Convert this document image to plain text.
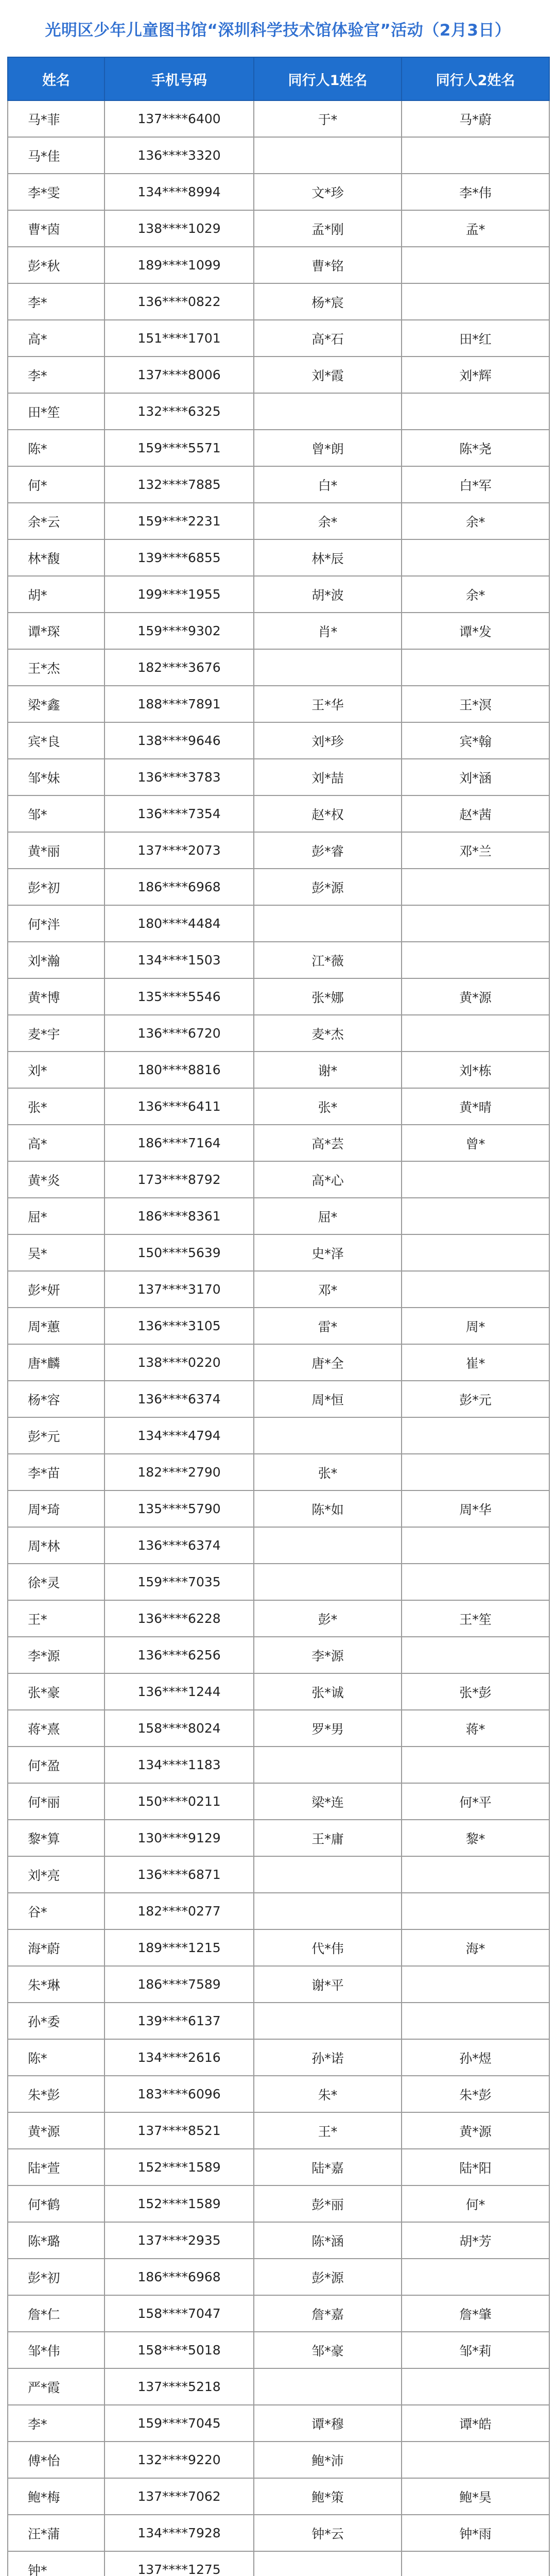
光明区少年儿童图书馆“深圳科学技术馆体验官”活动（2月3日）
姓名	手机号码	同行人1姓名	同行人2姓名
马*菲	137****6400	于*	马*蔚
马*佳	136****3320		
李*雯	134****8994	文*珍	李*伟
曹*茵	138****1029	孟*刚	孟*
彭*秋	189****1099	曹*铭	
李*	136****0822	杨*宸	
高*	151****1701	高*石	田*红
李*	137****8006	刘*霞	刘*辉
田*笙	132****6325		
陈*	159****5571	曾*朗	陈*尧
何*	132****7885	白*	白*军
余*云	159****2231	余*	余*
林*馥	139****6855	林*辰	
胡*	199****1955	胡*波	余*
谭*琛	159****9302	肖*	谭*发
王*杰	182****3676		
梁*鑫	188****7891	王*华	王*溟
宾*良	138****9646	刘*珍	宾*翰
邹*妹	136****3783	刘*喆	刘*涵
邹*	136****7354	赵*权	赵*茜
黄*丽	137****2073	彭*睿	邓*兰
彭*初	186****6968	彭*源	
何*泮	180****4484		
刘*瀚	134****1503	江*薇	
黄*博	135****5546	张*娜	黄*源
麦*宇	136****6720	麦*杰	
刘*	180****8816	谢*	刘*栋
张*	136****6411	张*	黄*晴
高*	186****7164	高*芸	曾*
黄*炎	173****8792	高*心	
屈*	186****8361	屈*	
吴*	150****5639	史*泽	
彭*妍	137****3170	邓*	
周*蕙	136****3105	雷*	周*
唐*麟	138****0220	唐*全	崔*
杨*容	136****6374	周*恒	彭*元
彭*元	134****4794		
李*苗	182****2790	张*	
周*琦	135****5790	陈*如	周*华
周*林	136****6374		
徐*灵	159****7035		
王*	136****6228	彭*	王*笙
李*源	136****6256	李*源	
张*豪	136****1244	张*诚	张*彭
蒋*熹	158****8024	罗*男	蒋*
何*盈	134****1183		
何*丽	150****0211	梁*连	何*平
黎*算	130****9129	王*庸	黎*
刘*亮	136****6871		
谷*	182****0277		
海*蔚	189****1215	代*伟	海*
朱*琳	186****7589	谢*平	
孙*委	139****6137		
陈*	134****2616	孙*诺	孙*煜
朱*彭	183****6096	朱*	朱*彭
黄*源	137****8521	王*	黄*源
陆*萱	152****1589	陆*嘉	陆*阳
何*鹤	152****1589	彭*丽	何*
陈*璐	137****2935	陈*涵	胡*芳
彭*初	186****6968	彭*源	
詹*仁	158****7047	詹*嘉	詹*肇
邹*伟	158****5018	邹*豪	邹*莉
严*霞	137****5218		
李*	159****7045	谭*穆	谭*皓
傅*怡	132****9220	鲍*沛	
鲍*梅	137****7062	鲍*策	鲍*昊
汪*蒲	134****7928	钟*云	钟*雨
钟*	137****1275		
